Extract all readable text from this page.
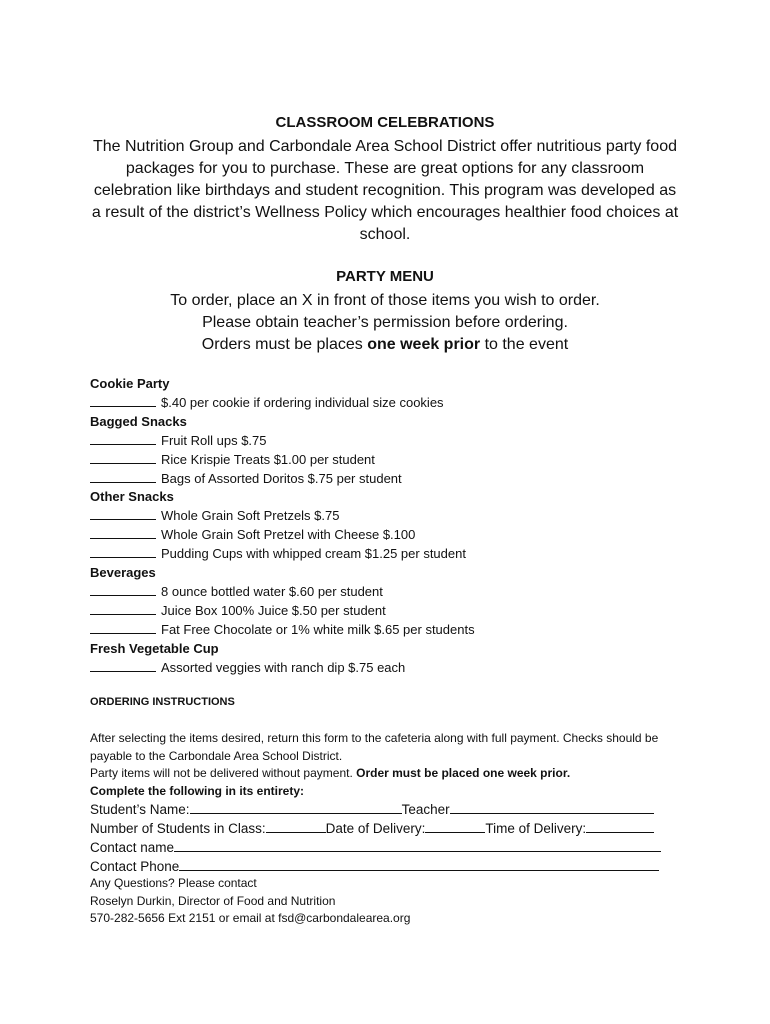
CLASSROOM CELEBRATIONS
The Nutrition Group and Carbondale Area School District offer nutritious party food packages for you to purchase. These are great options for any classroom celebration like birthdays and student recognition. This program was developed as a result of the district’s Wellness Policy which encourages healthier food choices at school.
PARTY MENU
To order, place an X in front of those items you wish to order.
Please obtain teacher’s permission before ordering.
Orders must be places one week prior to the event
Cookie Party
$.40 per cookie if ordering individual size cookies
Bagged Snacks
Fruit Roll ups $.75
Rice Krispie Treats $1.00 per student
Bags of Assorted Doritos $.75 per student
Other Snacks
Whole Grain Soft Pretzels $.75
Whole Grain Soft Pretzel with Cheese $.100
Pudding Cups with whipped cream $1.25 per student
Beverages
8 ounce bottled water $.60 per student
Juice Box 100% Juice $.50 per student
Fat Free Chocolate or 1% white milk $.65 per students
Fresh Vegetable Cup
Assorted veggies with ranch dip $.75 each
ORDERING INSTRUCTIONS
After selecting the items desired, return this form to the cafeteria along with full payment. Checks should be payable to the Carbondale Area School District.
Party items will not be delivered without payment. Order must be placed one week prior.
Complete the following in its entirety:
Student’s Name:	Teacher
Number of Students in Class:	Date of Delivery:	Time of Delivery:
Contact name
Contact Phone
Any Questions? Please contact
Roselyn Durkin, Director of Food and Nutrition
570-282-5656 Ext 2151 or email at fsd@carbondalearea.org
